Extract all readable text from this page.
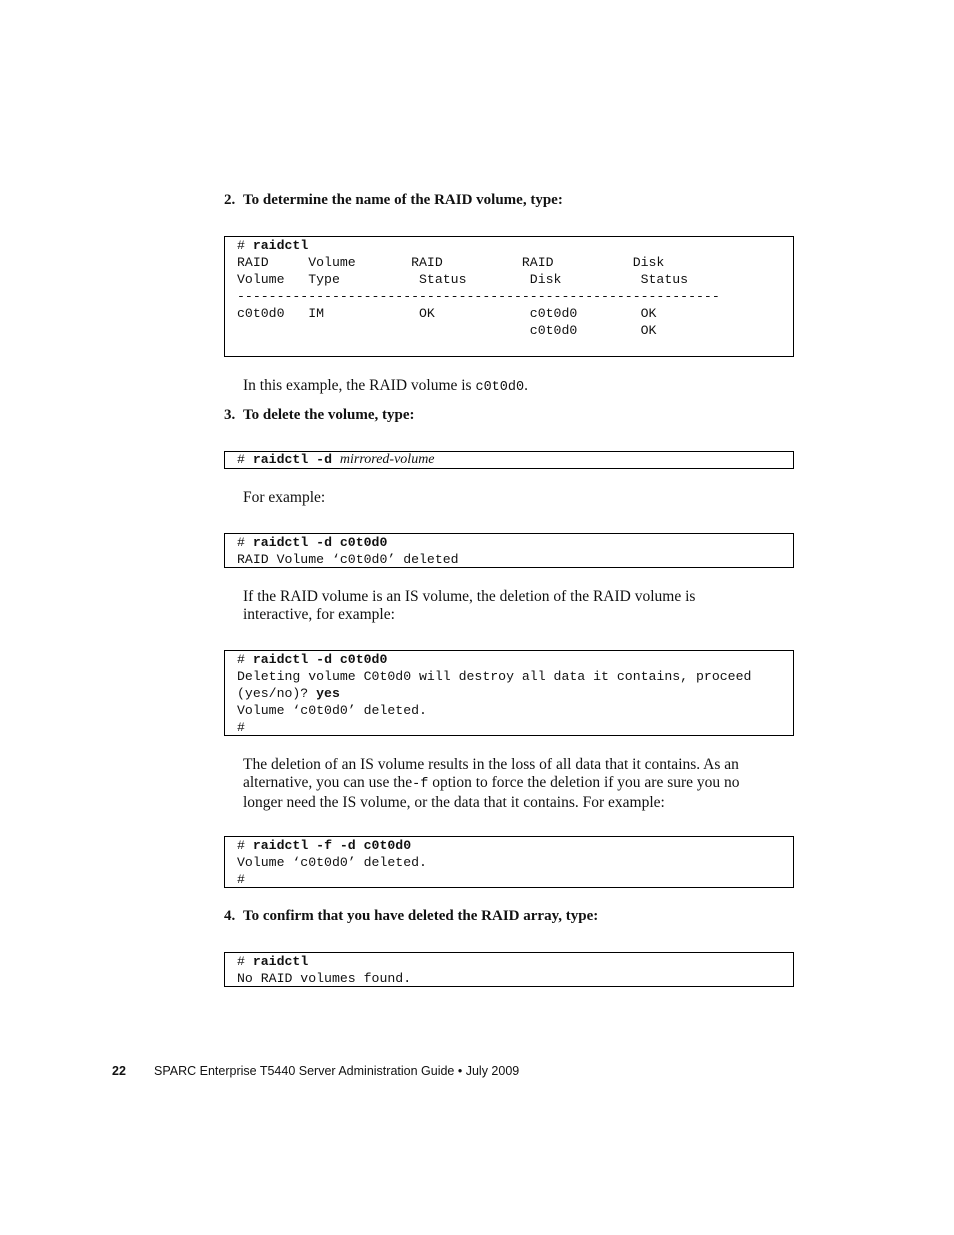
2. To determine the name of the RAID volume, type:
# raidctl
RAID     Volume       RAID          RAID          Disk
Volume   Type          Status        Disk          Status
-------------------------------------------------------------
c0t0d0   IM            OK            c0t0d0        OK
c0t0d0        OK
In this example, the RAID volume is c0t0d0.
3. To delete the volume, type:
# raidctl -d mirrored-volume
For example:
# raidctl -d c0t0d0
RAID Volume ‘c0t0d0’ deleted
If the RAID volume is an IS volume, the deletion of the RAID volume is
interactive, for example:
# raidctl -d c0t0d0
Deleting volume C0t0d0 will destroy all data it contains, proceed
(yes/no)? yes
Volume ‘c0t0d0’ deleted.
#
The deletion of an IS volume results in the loss of all data that it contains. As an
alternative, you can use the-f option to force the deletion if you are sure you no
longer need the IS volume, or the data that it contains. For example:
# raidctl -f -d c0t0d0
Volume ‘c0t0d0’ deleted.
#
4. To confirm that you have deleted the RAID array, type:
# raidctl
No RAID volumes found.
22 SPARC Enterprise T5440 Server Administration Guide • July 2009
